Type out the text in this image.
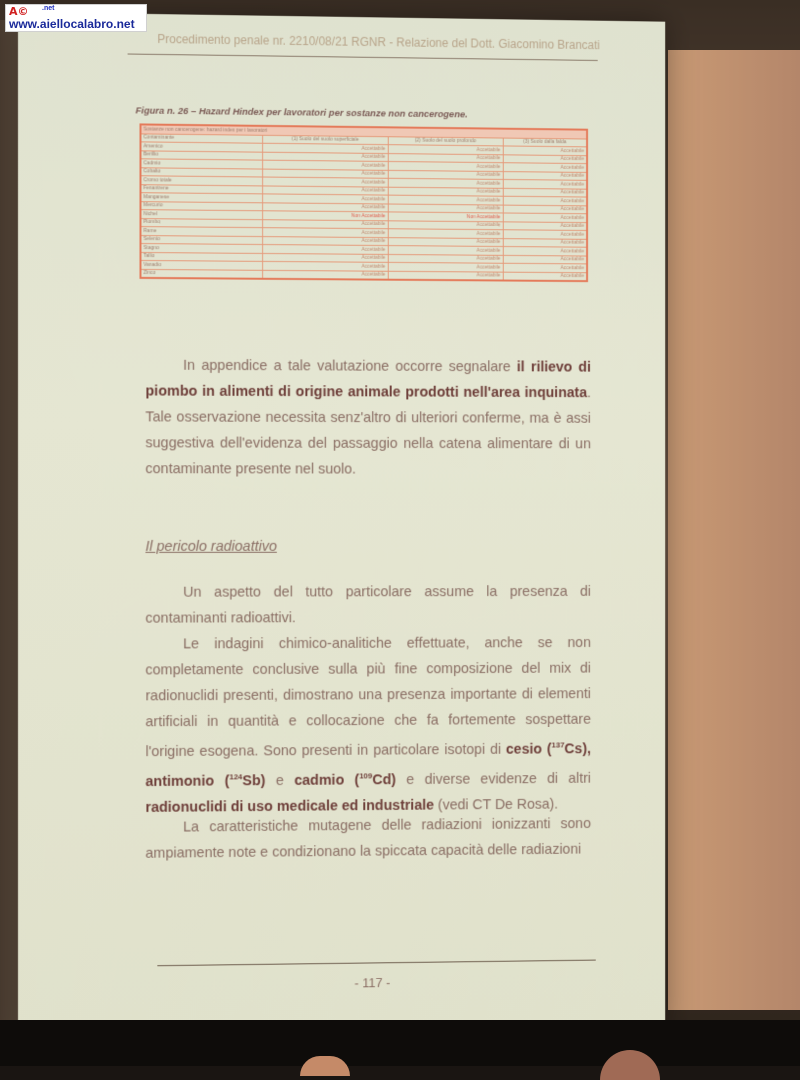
Procedimento penale nr. 2210/08/21 RGNR - Relazione del Dott. Giacomino Brancati
Figura n. 26 – Hazard Hindex per lavoratori per sostanze non cancerogene.
Sostanze non cancerogene: hazard index per i lavoratori			
Contaminante	(1) Suolo del suolo superficiale	(2) Suolo del suolo profondo	(3) Suolo dalla falda
Arsenico	Accettabile	Accettabile	Accettabile
Berillio	Accettabile	Accettabile	Accettabile
Cadmio	Accettabile	Accettabile	Accettabile
Cobalto	Accettabile	Accettabile	Accettabile
Cromo totale	Accettabile	Accettabile	Accettabile
Fenantrene	Accettabile	Accettabile	Accettabile
Manganese	Accettabile	Accettabile	Accettabile
Mercurio	Accettabile	Accettabile	Accettabile
Nichel	Non Accettabile	Non Accettabile	Accettabile
Piombo	Accettabile	Accettabile	Accettabile
Rame	Accettabile	Accettabile	Accettabile
Selenio	Accettabile	Accettabile	Accettabile
Stagno	Accettabile	Accettabile	Accettabile
Tallio	Accettabile	Accettabile	Accettabile
Vanadio	Accettabile	Accettabile	Accettabile
Zinco	Accettabile	Accettabile	Accettabile
In appendice a tale valutazione occorre segnalare il rilievo di piombo in alimenti di origine animale prodotti nell'area inquinata. Tale osservazione necessita senz'altro di ulteriori conferme, ma è assi suggestiva dell'evidenza del passaggio nella catena alimentare di un contaminante presente nel suolo.
Il pericolo radioattivo
Un aspetto del tutto particolare assume la presenza di contaminanti radioattivi.
Le indagini chimico-analitiche effettuate, anche se non completamente conclusive sulla più fine composizione del mix di radionuclidi presenti, dimostrano una presenza importante di elementi artificiali in quantità e collocazione che fa fortemente sospettare l'origine esogena. Sono presenti in particolare isotopi di cesio ($^{137}$Cs), antimonio ($^{124}$Sb) e cadmio ($^{109}$Cd) e diverse evidenze di altri radionuclidi di uso medicale ed industriale (vedi CT De Rosa).
La caratteristiche mutagene delle radiazioni ionizzanti sono ampiamente note e condizionano la spiccata capacità delle radiazioni
- 117 -
A© .net
www.aiellocalabro.net
